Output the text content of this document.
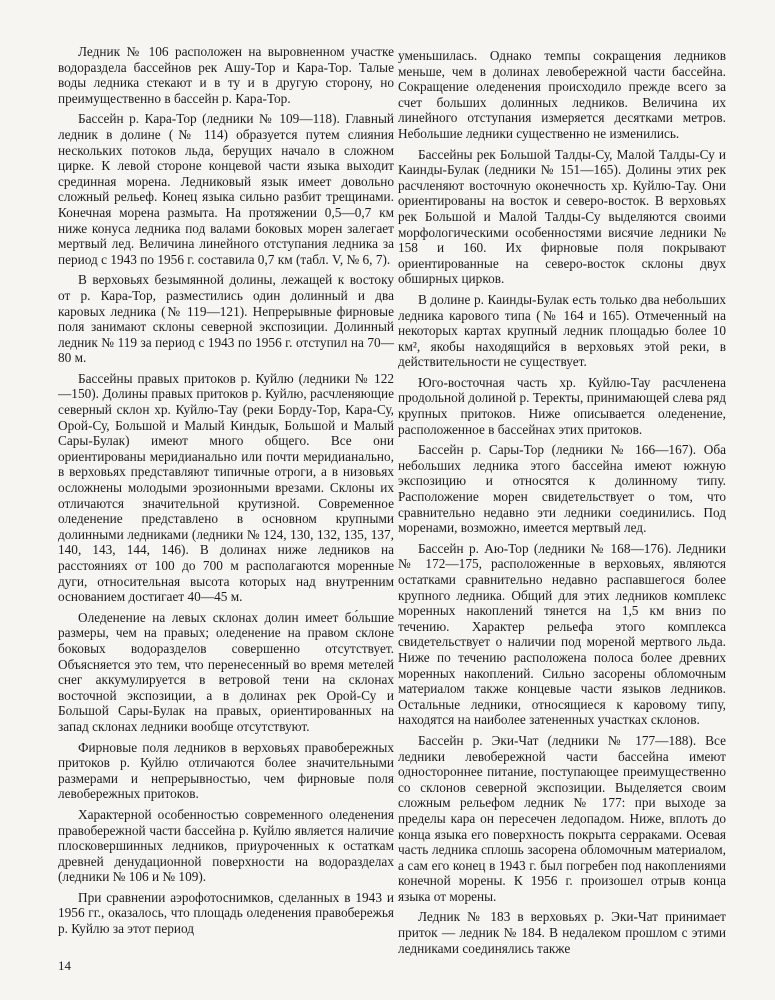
Ледник № 106 расположен на выровненном участке водораздела бассейнов рек Ашу-Тор и Кара-Тор. Талые воды ледника стекают и в ту и в другую сторону, но преимущественно в бассейн р. Кара-Тор.

Бассейн р. Кара-Тор (ледники № 109—118). Главный ледник в долине (№ 114) образуется путем слияния нескольких потоков льда, берущих начало в сложном цирке. К левой стороне концевой части языка выходит срединная морена. Ледниковый язык имеет довольно сложный рельеф. Конец языка сильно разбит трещинами. Конечная морена размыта. На протяжении 0,5—0,7 км ниже конуса ледника под валами боковых морен залегает мертвый лед. Величина линейного отступания ледника за период с 1943 по 1956 г. составила 0,7 км (табл. V, № 6, 7).

В верховьях безымянной долины, лежащей к востоку от р. Кара-Тор, разместились один долинный и два каровых ледника (№ 119—121). Непрерывные фирновые поля занимают склоны северной экспозиции. Долинный ледник № 119 за период с 1943 по 1956 г. отступил на 70—80 м.

Бассейны правых притоков р. Куйлю (ледники № 122—150). Долины правых притоков р. Куйлю, расчленяющие северный склон хр. Куйлю-Тау (реки Борду-Тор, Кара-Су, Орой-Су, Большой и Малый Киндык, Большой и Малый Сары-Булак) имеют много общего. Все они ориентированы меридианально или почти меридианально, в верховьях представляют типичные отроги, а в низовьях осложнены молодыми эрозионными врезами. Склоны их отличаются значительной крутизной. Современное оледенение представлено в основном крупными долинными ледниками (ледники № 124, 130, 132, 135, 137, 140, 143, 144, 146). В долинах ниже ледников на расстояниях от 100 до 700 м располагаются моренные дуги, относительная высота которых над внутренним основанием достигает 40—45 м.

Оледенение на левых склонах долин имеет бо́льшие размеры, чем на правых; оледенение на правом склоне боковых водоразделов совершенно отсутствует. Объясняется это тем, что перенесенный во время метелей снег аккумулируется в ветровой тени на склонах восточной экспозиции, а в долинах рек Орой-Су и Большой Сары-Булак на правых, ориентированных на запад склонах ледники вообще отсутствуют.

Фирновые поля ледников в верховьях правобережных притоков р. Куйлю отличаются более значительными размерами и непрерывностью, чем фирновые поля левобережных притоков.

Характерной особенностью современного оледенения правобережной части бассейна р. Куйлю является наличие плосковершинных ледников, приуроченных к остаткам древней денудационной поверхности на водоразделах (ледники № 106 и № 109).

При сравнении аэрофотоснимков, сделанных в 1943 и 1956 гг., оказалось, что площадь оледенения правобережья р. Куйлю за этот период

уменьшилась. Однако темпы сокращения ледников меньше, чем в долинах левобережной части бассейна. Сокращение оледенения происходило прежде всего за счет больших долинных ледников. Величина их линейного отступания измеряется десятками метров. Небольшие ледники существенно не изменились.

Бассейны рек Большой Талды-Су, Малой Талды-Су и Каинды-Булак (ледники № 151—165). Долины этих рек расчленяют восточную оконечность хр. Куйлю-Тау. Они ориентированы на восток и северо-восток. В верховьях рек Большой и Малой Талды-Су выделяются своими морфологическими особенностями висячие ледники № 158 и 160. Их фирновые поля покрывают ориентированные на северо-восток склоны двух обширных цирков.

В долине р. Каинды-Булак есть только два небольших ледника карового типа (№ 164 и 165). Отмеченный на некоторых картах крупный ледник площадью более 10 км², якобы находящийся в верховьях этой реки, в действительности не существует.

Юго-восточная часть хр. Куйлю-Тау расчленена продольной долиной р. Теректы, принимающей слева ряд крупных притоков. Ниже описывается оледенение, расположенное в бассейнах этих притоков.

Бассейн р. Сары-Тор (ледники № 166—167). Оба небольших ледника этого бассейна имеют южную экспозицию и относятся к долинному типу. Расположение морен свидетельствует о том, что сравнительно недавно эти ледники соединились. Под моренами, возможно, имеется мертвый лед.

Бассейн р. Аю-Тор (ледники № 168—176). Ледники № 172—175, расположенные в верховьях, являются остатками сравнительно недавно распавшегося более крупного ледника. Общий для этих ледников комплекс моренных накоплений тянется на 1,5 км вниз по течению. Характер рельефа этого комплекса свидетельствует о наличии под мореной мертвого льда. Ниже по течению расположена полоса более древних моренных накоплений. Сильно засорены обломочным материалом также концевые части языков ледников. Остальные ледники, относящиеся к каровому типу, находятся на наиболее затененных участках склонов.

Бассейн р. Эки-Чат (ледники № 177—188). Все ледники левобережной части бассейна имеют одностороннее питание, поступающее преимущественно со склонов северной экспозиции. Выделяется своим сложным рельефом ледник № 177: при выходе за пределы кара он пересечен ледопадом. Ниже, вплоть до конца языка его поверхность покрыта серраками. Осевая часть ледника сплошь засорена обломочным материалом, а сам его конец в 1943 г. был погребен под накоплениями конечной морены. К 1956 г. произошел отрыв конца языка от морены.

Ледник № 183 в верховьях р. Эки-Чат принимает приток — ледник № 184. В недалеком прошлом с этими ледниками соединялись также

14
